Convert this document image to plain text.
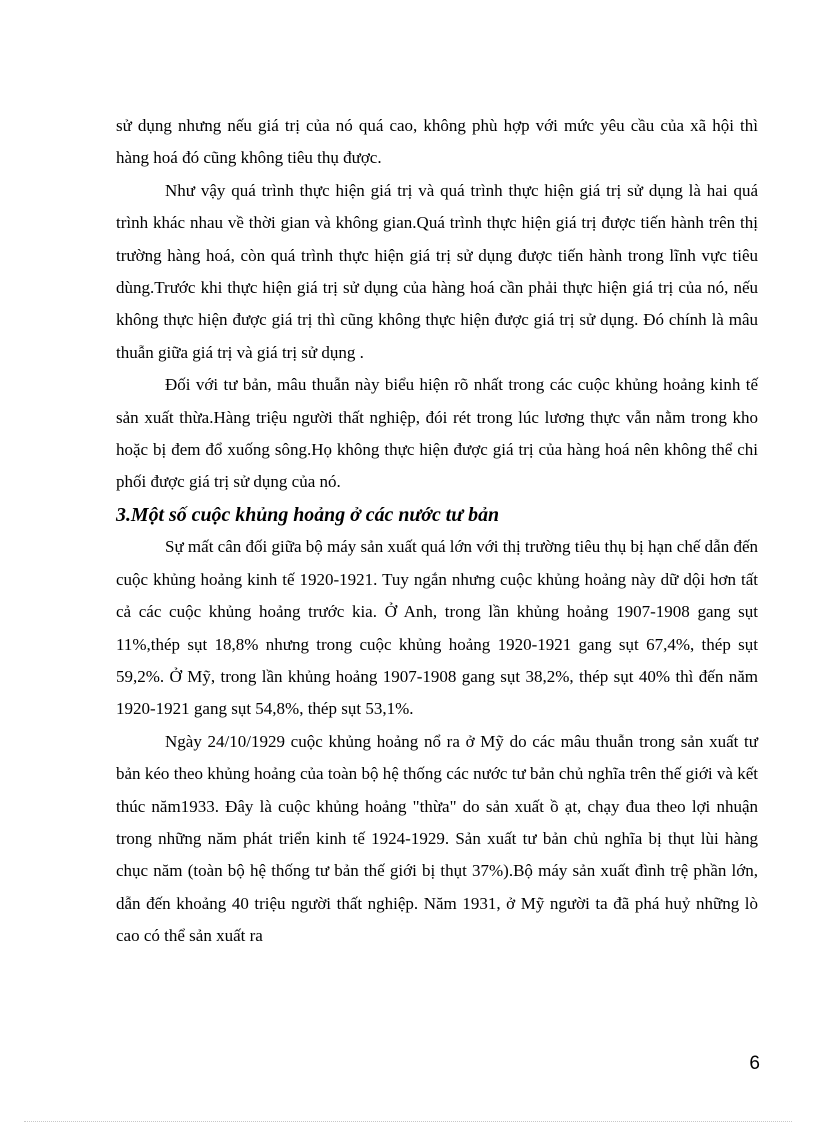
sử dụng nhưng nếu giá trị của nó quá cao, không phù hợp với mức yêu cầu của xã hội thì hàng hoá đó cũng không tiêu thụ được.

Như vậy quá trình thực hiện giá trị và quá trình thực hiện giá trị sử dụng là hai quá trình khác nhau về thời gian và không gian.Quá trình thực hiện giá trị được tiến hành trên thị trường hàng hoá, còn quá trình thực hiện giá trị sử dụng được tiến hành trong lĩnh vực tiêu dùng.Trước khi thực hiện giá trị sử dụng của hàng hoá cần phải thực hiện giá trị của nó, nếu không thực hiện được giá trị thì cũng không thực hiện được giá trị sử dụng. Đó chính là mâu thuẫn giữa giá trị và giá trị sử dụng .

Đối với tư bản, mâu thuẫn này biểu hiện rõ nhất trong các cuộc khủng hoảng kinh tế sản xuất thừa.Hàng triệu người thất nghiệp, đói rét trong lúc lương thực vẫn nằm trong kho hoặc bị đem đổ xuống sông.Họ không thực hiện được giá trị của hàng hoá nên không thể chi phối được giá trị sử dụng của nó.

3.Một số cuộc khủng hoảng ở các nước tư bản

Sự mất cân đối giữa bộ máy sản xuất quá lớn với thị trường tiêu thụ bị hạn chế dẫn đến cuộc khủng hoảng kinh tế 1920-1921. Tuy ngắn nhưng cuộc khủng hoảng này dữ dội hơn tất cả các cuộc khủng hoảng trước kia. Ở Anh, trong lần khủng hoảng 1907-1908 gang sụt 11%,thép sụt 18,8% nhưng trong cuộc khủng hoảng 1920-1921 gang sụt 67,4%, thép sụt 59,2%. Ở Mỹ, trong lần khủng hoảng 1907-1908 gang sụt 38,2%, thép sụt 40% thì đến năm 1920-1921 gang sụt 54,8%, thép sụt 53,1%.

Ngày 24/10/1929 cuộc khủng hoảng nổ ra ở Mỹ do các mâu thuẫn trong sản xuất tư bản kéo theo khủng hoảng của toàn bộ hệ thống các nước tư bản chủ nghĩa trên thế giới và kết thúc năm1933. Đây là cuộc khủng hoảng "thừa" do sản xuất ồ ạt, chạy đua theo lợi nhuận trong những năm phát triển kinh tế 1924-1929. Sản xuất tư bản chủ nghĩa bị thụt lùi hàng chục năm (toàn bộ hệ thống tư bản thế giới bị thụt 37%).Bộ máy sản xuất đình trệ phần lớn, dẫn đến khoảng 40 triệu người thất nghiệp. Năm 1931, ở Mỹ người ta đã phá huỷ những lò cao có thể sản xuất ra

6
